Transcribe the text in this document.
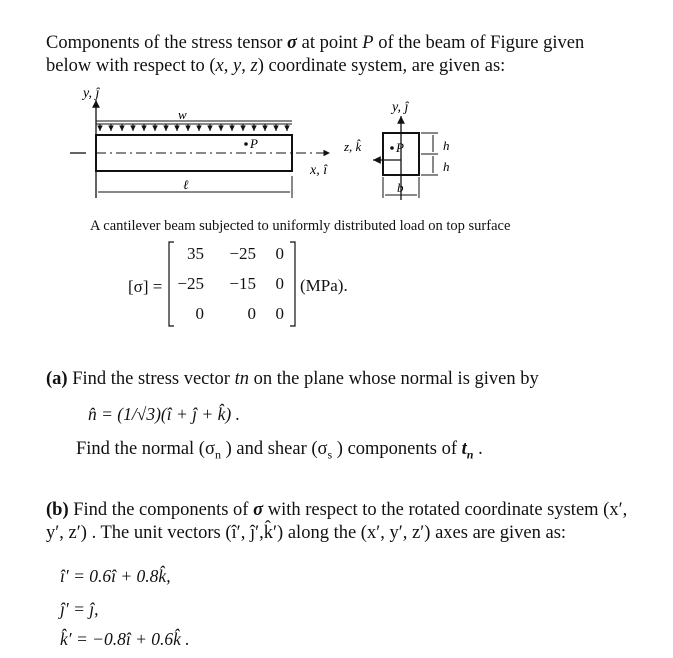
Components of the stress tensor σ at point P of the beam of Figure given
below with respect to (x, y, z) coordinate system, are given as:
y, ĵ
w
P
x, î
ℓ
z, k̂
y, ĵ
P	h
h
b
A cantilever beam subjected to uniformly distributed load on top surface
[σ] =
35	−25	0
−25	−15	0
0	0	0
(MPa).
(a) Find the stress vector tn on the plane whose normal is given by
n̂ = (1/√3)(î + ĵ + k̂) .
Find the normal ($\sigma_n$ ) and shear ($\sigma_s$ ) components of $t_n$ .
(b) Find the components of σ with respect to the rotated coordinate system (x′,
y′, z′) . The unit vectors (î′, ĵ′,k̂′) along the (x′, y′, z′) axes are given as:
î′ = 0.6î + 0.8k̂,
ĵ′ = ĵ,
k̂′ = −0.8î + 0.6k̂ .
